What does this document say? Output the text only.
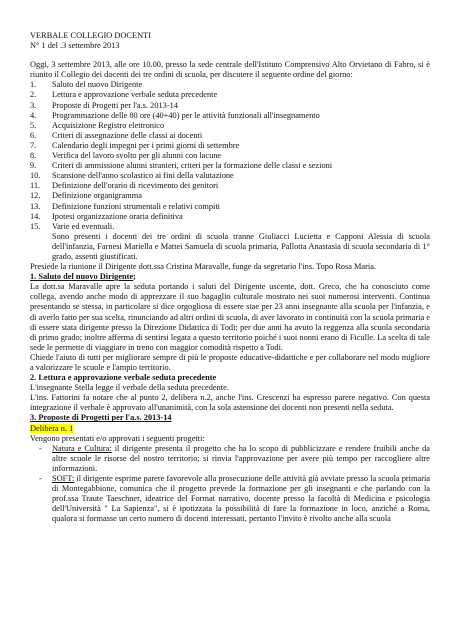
VERBALE COLLEGIO DOCENTI

N° 1 del .3 settembre 2013

Oggi, 3 settembre 2013, alle ore 10.00, presso la sede centrale dell'Istituto Comprensivo Alto Orvietano di Fabro, si è riunito il Collegio dei docenti dei tre ordini di scuola, per discutere il seguente ordine del giorno:

1.	Saluto del nuovo Dirigente
2.	Lettura e approvazione verbale seduta precedente
3.	Proposte di Progetti per l'a.s. 2013-14
4.	Programmazione delle 80 ore (40+40) per le attività funzionali all'insegnamento
5.	Acquisizione Registro elettronico
6.	Criteri di assegnazione delle classi ai docenti
7.	Calendario degli impegni per i primi giorni di settembre
8.	Verifica del lavoro svolto per gli alunni con lacune
9.	Criteri di ammissione alunni stranieri, criteri per la formazione delle classi e sezioni
10.	Scansione dell'anno scolastico ai fini della valutazione
11.	Definizione dell'orario di ricevimento dei genitori
12.	Definizione organigramma
13.	Definizione funzioni strumentali e relativi compiti
14.	Ipotesi organizzazione oraria definitiva
15.	Varie ed eventuali.

Sono presenti i docenti dei tre ordini di scuola tranne Giuliacci Lucietta e Capponi Alessia di scuola dell'infanzia, Farnesi Mariella e Mattei Samuela di scuola primaria, Pallotta Anastasia di scuola secondaria di 1° grado, assenti giustificati.

Presiede la riunione il Dirigente dott.ssa Cristina Maravalle, funge da segretario l'ins. Topo Rosa Maria.

1. Saluto del nuovo Dirigente;

La dott.sa Maravalle apre la seduta portando i saluti del Dirigente uscente, dott. Greco, che ha conosciuto come collega, avendo anche modo di apprezzare il suo bagaglio culturale mostrato nei suoi numerosi interventi. Continua presentando se stessa, in particolare si dice orgogliosa di essere stae per 23 anni insegnante alla scuola per l'infanzia, e di averlo fatto per sua scelta, rinunciando ad altri ordini di scuola, di aver lavorato in continuità con la scuola primaria e di essere stata dirigente presso la Direzione Didattica di Todi; per due anni ha avuto la reggenza alla scuola secondaria di primo grado; inoltre afferma di sentirsi legata a questo territorio poiché i suoi nonni erano di Ficulle. La scelta di tale sede le permette di viaggiare in treno con maggior comodità rispetto a Todi.

Chiede l'aiuto di tutti per migliorare sempre di più le proposte educative-didattiche e per collaborare nel modo migliore a valorizzare le scuole e l'ampio territorio.

2. Lettura e approvazione verbale seduta precedente

L'insegnante Stella legge il verbale della seduta precedente.

L'ins. Fattorini fa notare che al punto 2, delibera n.2, anche l'ins. Crescenzi ha espresso parere negativo. Con questa integrazione il verbale è approvato all'unanimità, con la sola astensione dei docenti non presenti nella seduta.

3. Proposte di Progetti per l'a.s. 2013-14

Delibera n. 1

Vengono presentati e/o approvati i seguenti progetti:

-	Natura e Cultura: il dirigente presenta il progetto che ha lo scopo di pubblicizzare e rendere fruibili anche da altre scuole le risorse del nostro territorio; si rinvia l'approvazione per avere più tempo per raccogliere altre informazioni.
-	SOFT: il dirigente esprime parere favorevole alla prosecuzione delle attività già avviate presso la scuola primaria di Montegabbione, comunica che il progetto prevede la formazione per gli insegnanti e che parlando con la prof.ssa Traute Taeschner, ideatrice del Format narrativo, docente presso la facoltà di Medicina e psicologia dell'Università " La Sapienza", si è ipotizzata la possibilità di fare la formazione in loco, anziché a Roma, qualora si formasse un certo numero di docenti interessati, pertanto l'invito è rivolto anche alla scuola
